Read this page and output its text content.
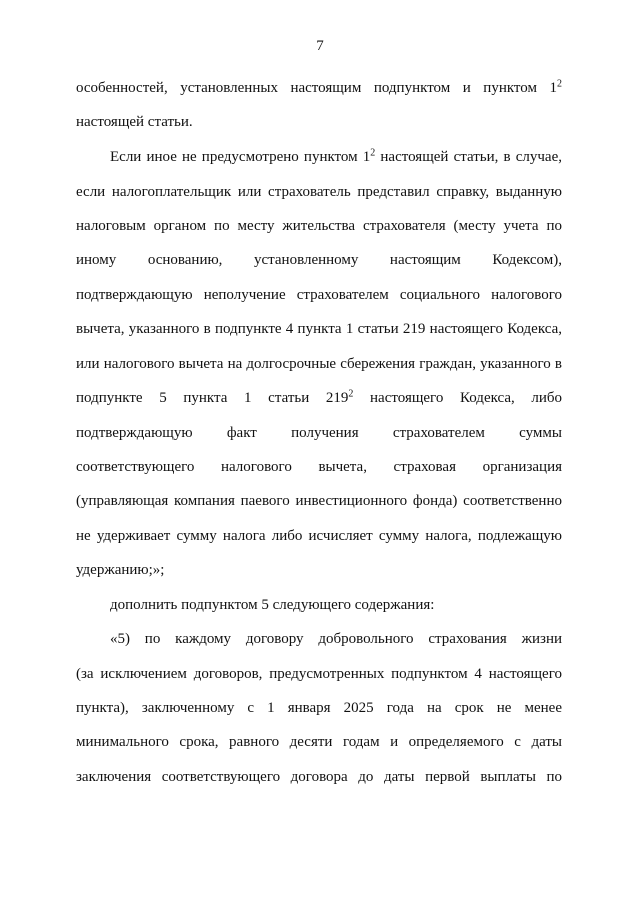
7
особенностей, установленных настоящим подпунктом и пунктом $1^2$
настоящей статьи.
Если иное не предусмотрено пунктом $1^2$ настоящей статьи, в случае,
если налогоплательщик или страхователь представил справку, выданную
налоговым органом по месту жительства страхователя (месту учета по
иному основанию, установленному настоящим Кодексом),
подтверждающую неполучение страхователем социального налогового
вычета, указанного в подпункте 4 пункта 1 статьи 219 настоящего Кодекса,
или налогового вычета на долгосрочные сбережения граждан, указанного в
подпункте 5 пункта 1 статьи $219^2$ настоящего Кодекса, либо
подтверждающую факт получения страхователем суммы
соответствующего налогового вычета, страховая организация
(управляющая компания паевого инвестиционного фонда) соответственно
не удерживает сумму налога либо исчисляет сумму налога, подлежащую
удержанию;»;
дополнить подпунктом 5 следующего содержания:
«5) по каждому договору добровольного страхования жизни
(за исключением договоров, предусмотренных подпунктом 4 настоящего
пункта), заключенному с 1 января 2025 года на срок не менее
минимального срока, равного десяти годам и определяемого с даты
заключения соответствующего договора до даты первой выплаты по
